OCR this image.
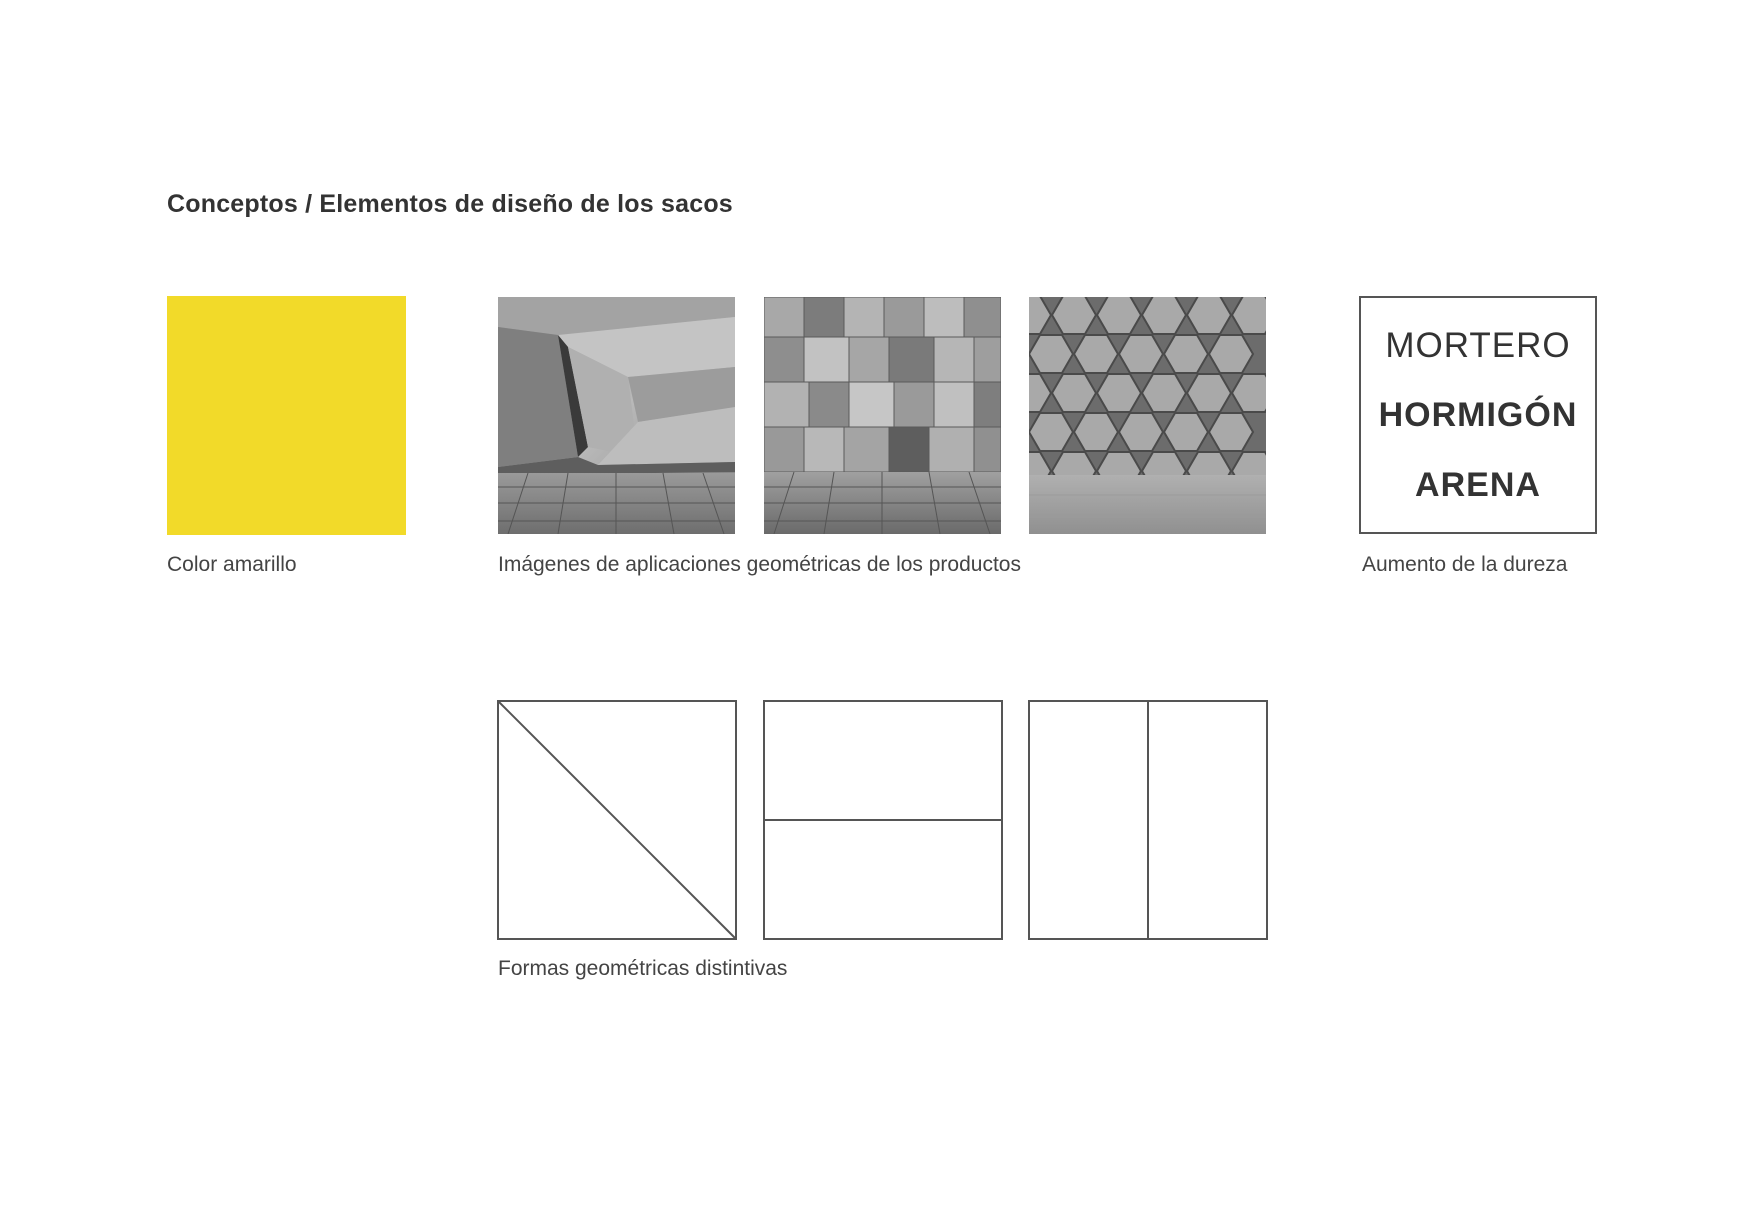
Conceptos / Elementos de diseño de los sacos
Color amarillo	Imágenes de aplicaciones geométricas de los productos
MORTERO
HORMIGÓN
ARENA
Aumento de la dureza
Formas geométricas distintivas
